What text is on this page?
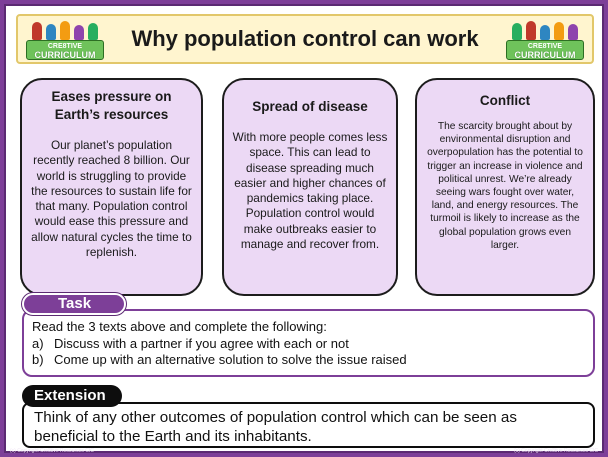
CRE8TIVE
CURRICULUM
Why population control can work	CRE8TIVE
CURRICULUM
Eases pressure on Earth’s resources
Our planet’s population recently reached 8 billion. Our world is struggling to provide the resources to sustain life for that many. Population control would ease this pressure and allow natural cycles the time to replenish.
Spread of disease
With more people comes less space. This can lead to disease spreading much easier and higher chances of pandemics taking place. Population control would make outbreaks easier to manage and recover from.
Conflict
The scarcity brought about by environmental disruption and overpopulation has the potential to trigger an increase in violence and political unrest. We’re already seeing wars fought over water, land, and energy resources. The turmoil is likely to increase as the global population grows even larger.
Task
Read the 3 texts above and complete the following:
a) Discuss with a partner if you agree with each or not
b) Come up with an alternative solution to solve the issue raised
Extension
Think of any other outcomes of population control which can be seen as beneficial to the Earth and its inhabitants.
(c) Copyright Cre8tive Resources CIC	(c) Copyright Cre8tive Resources CIC
